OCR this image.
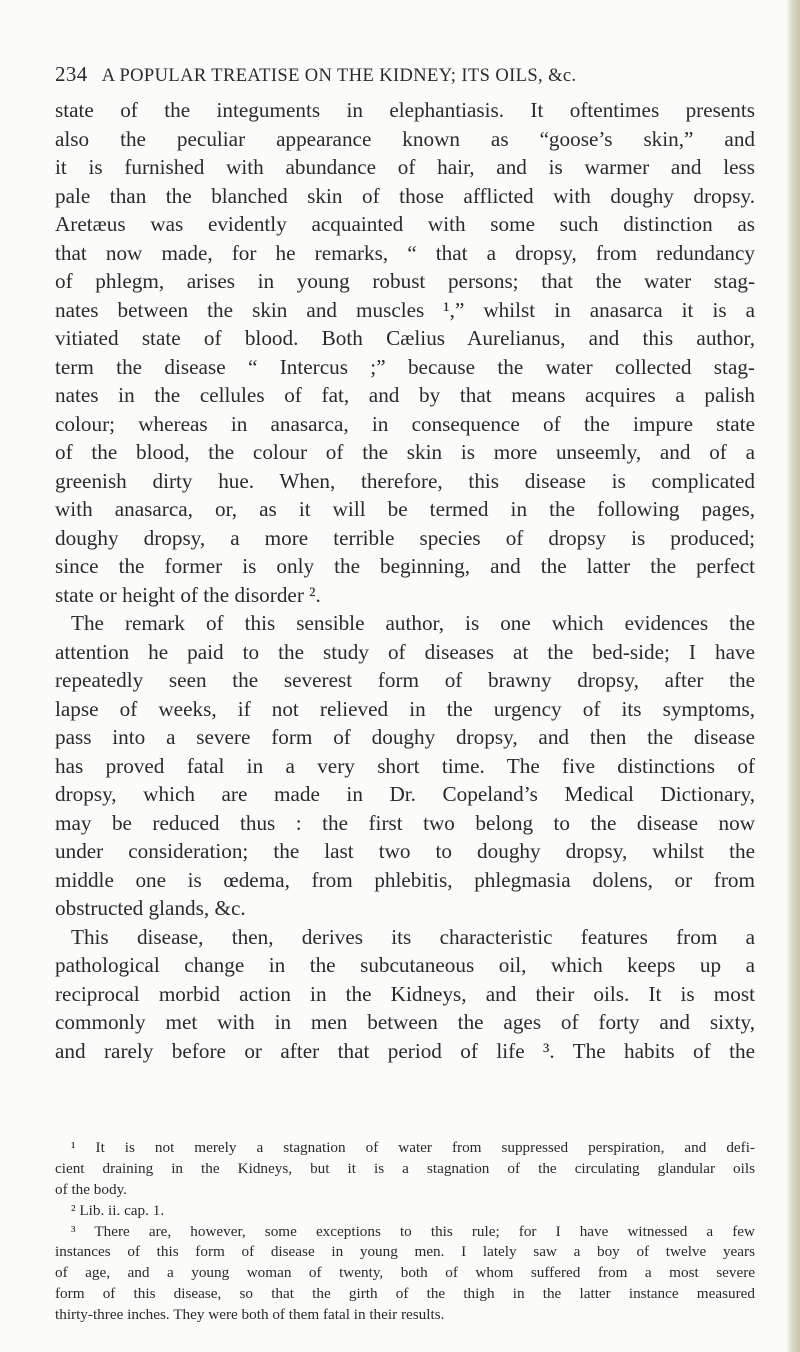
234 A POPULAR TREATISE ON THE KIDNEY; ITS OILS, &c.
state of the integuments in elephantiasis. It oftentimes presents
also the peculiar appearance known as “goose’s skin,” and
it is furnished with abundance of hair, and is warmer and less
pale than the blanched skin of those afflicted with doughy dropsy.
Aretæus was evidently acquainted with some such distinction as
that now made, for he remarks, “ that a dropsy, from redundancy
of phlegm, arises in young robust persons; that the water stag-
nates between the skin and muscles ¹,” whilst in anasarca it is a
vitiated state of blood. Both Cælius Aurelianus, and this author,
term the disease “ Intercus ;” because the water collected stag-
nates in the cellules of fat, and by that means acquires a palish
colour; whereas in anasarca, in consequence of the impure state
of the blood, the colour of the skin is more unseemly, and of a
greenish dirty hue. When, therefore, this disease is complicated
with anasarca, or, as it will be termed in the following pages,
doughy dropsy, a more terrible species of dropsy is produced;
since the former is only the beginning, and the latter the perfect
state or height of the disorder ².
The remark of this sensible author, is one which evidences the
attention he paid to the study of diseases at the bed-side; I have
repeatedly seen the severest form of brawny dropsy, after the
lapse of weeks, if not relieved in the urgency of its symptoms,
pass into a severe form of doughy dropsy, and then the disease
has proved fatal in a very short time. The five distinctions of
dropsy, which are made in Dr. Copeland’s Medical Dictionary,
may be reduced thus : the first two belong to the disease now
under consideration; the last two to doughy dropsy, whilst the
middle one is œdema, from phlebitis, phlegmasia dolens, or from
obstructed glands, &c.
This disease, then, derives its characteristic features from a
pathological change in the subcutaneous oil, which keeps up a
reciprocal morbid action in the Kidneys, and their oils. It is most
commonly met with in men between the ages of forty and sixty,
and rarely before or after that period of life ³. The habits of the
¹ It is not merely a stagnation of water from suppressed perspiration, and defi-
cient draining in the Kidneys, but it is a stagnation of the circulating glandular oils
of the body.
² Lib. ii. cap. 1.
³ There are, however, some exceptions to this rule; for I have witnessed a few
instances of this form of disease in young men. I lately saw a boy of twelve years
of age, and a young woman of twenty, both of whom suffered from a most severe
form of this disease, so that the girth of the thigh in the latter instance measured
thirty-three inches. They were both of them fatal in their results.
